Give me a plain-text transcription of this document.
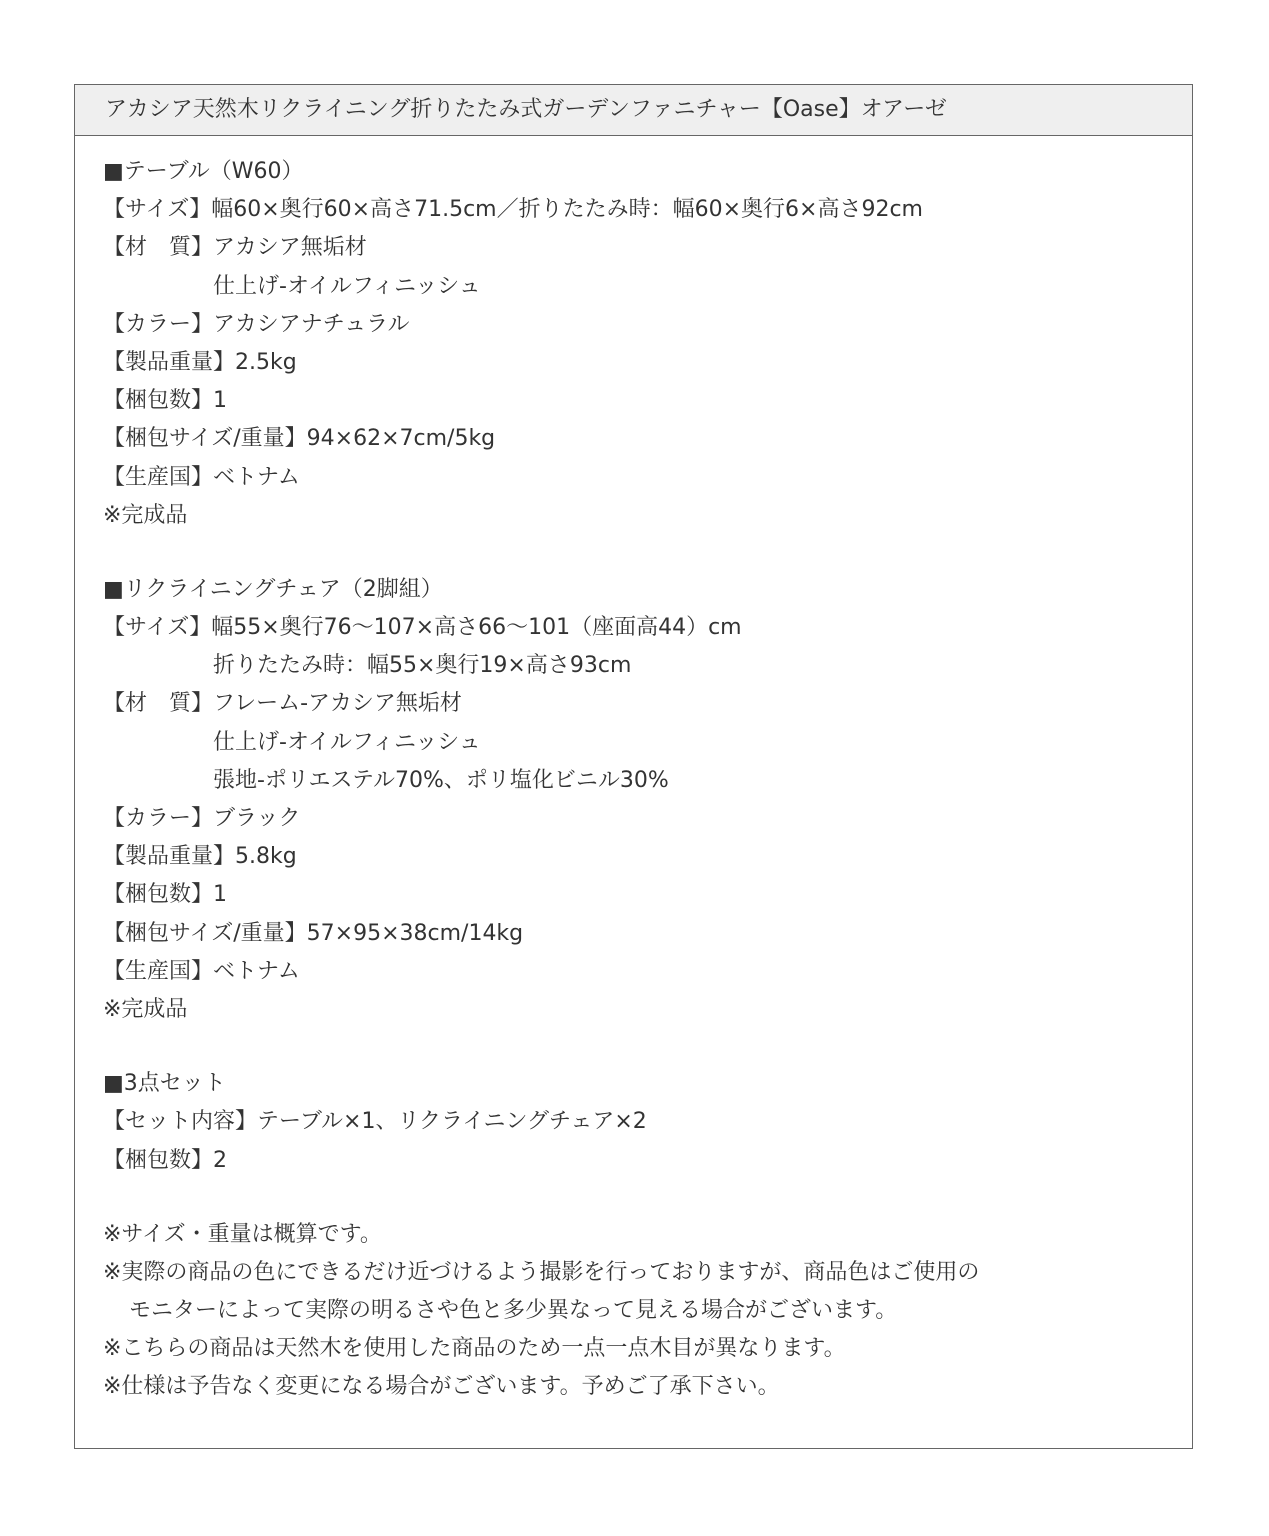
アカシア天然木リクライニング折りたたみ式ガーデンファニチャー【Oase】オアーゼ
■テーブル（W60）
【サイズ】幅60×奥行60×高さ71.5cm／折りたたみ時：幅60×奥行6×高さ92cm
【材　質】アカシア無垢材
仕上げ-オイルフィニッシュ
【カラー】アカシアナチュラル
【製品重量】2.5kg
【梱包数】1
【梱包サイズ/重量】94×62×7cm/5kg
【生産国】ベトナム
※完成品
■リクライニングチェア（2脚組）
【サイズ】幅55×奥行76～107×高さ66～101（座面高44）cm
折りたたみ時：幅55×奥行19×高さ93cm
【材　質】フレーム-アカシア無垢材
仕上げ-オイルフィニッシュ
張地-ポリエステル70%、ポリ塩化ビニル30%
【カラー】ブラック
【製品重量】5.8kg
【梱包数】1
【梱包サイズ/重量】57×95×38cm/14kg
【生産国】ベトナム
※完成品
■3点セット
【セット内容】テーブル×1、リクライニングチェア×2
【梱包数】2
※サイズ・重量は概算です。
※実際の商品の色にできるだけ近づけるよう撮影を行っておりますが、商品色はご使用の
モニターによって実際の明るさや色と多少異なって見える場合がございます。
※こちらの商品は天然木を使用した商品のため一点一点木目が異なります。
※仕様は予告なく変更になる場合がございます。予めご了承下さい。
